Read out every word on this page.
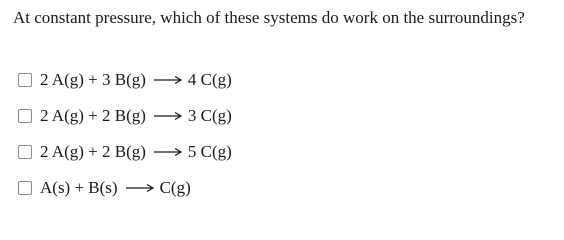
At constant pressure, which of these systems do work on the surroundings?
2 A(g) + 3 B(g) → 4 C(g)
2 A(g) + 2 B(g) → 3 C(g)
2 A(g) + 2 B(g) → 5 C(g)
A(s) + B(s) → C(g)
